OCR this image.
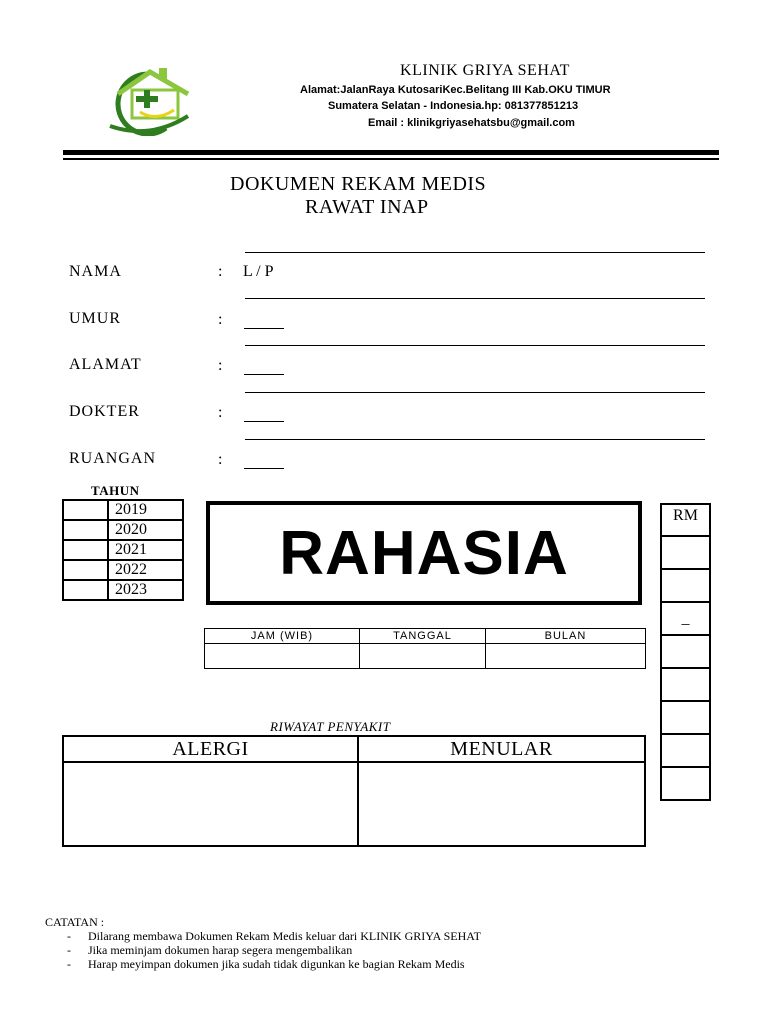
KLINIK GRIYA SEHAT
Alamat:JalanRaya KutosariKec.Belitang III Kab.OKU TIMUR
Sumatera Selatan - Indonesia.hp: 081377851213
Email : klinikgriyasehatsbu@gmail.com
DOKUMEN REKAM MEDIS
RAWAT INAP
NAMA	: L / P
UMUR	:
ALAMAT	:
DOKTER	:
RUANGAN	:
TAHUN
	2019
	2020
	2021
	2022
	2023
RAHASIA
JAM (WIB)	TANGGAL	BULAN

RM

_

RIWAYAT PENYAKIT
ALERGI	MENULAR

CATATAN :
-	Dilarang membawa Dokumen Rekam Medis keluar dari KLINIK GRIYA SEHAT
-	Jika meminjam dokumen harap segera mengembalikan
-	Harap meyimpan dokumen jika sudah tidak digunkan ke bagian Rekam Medis
